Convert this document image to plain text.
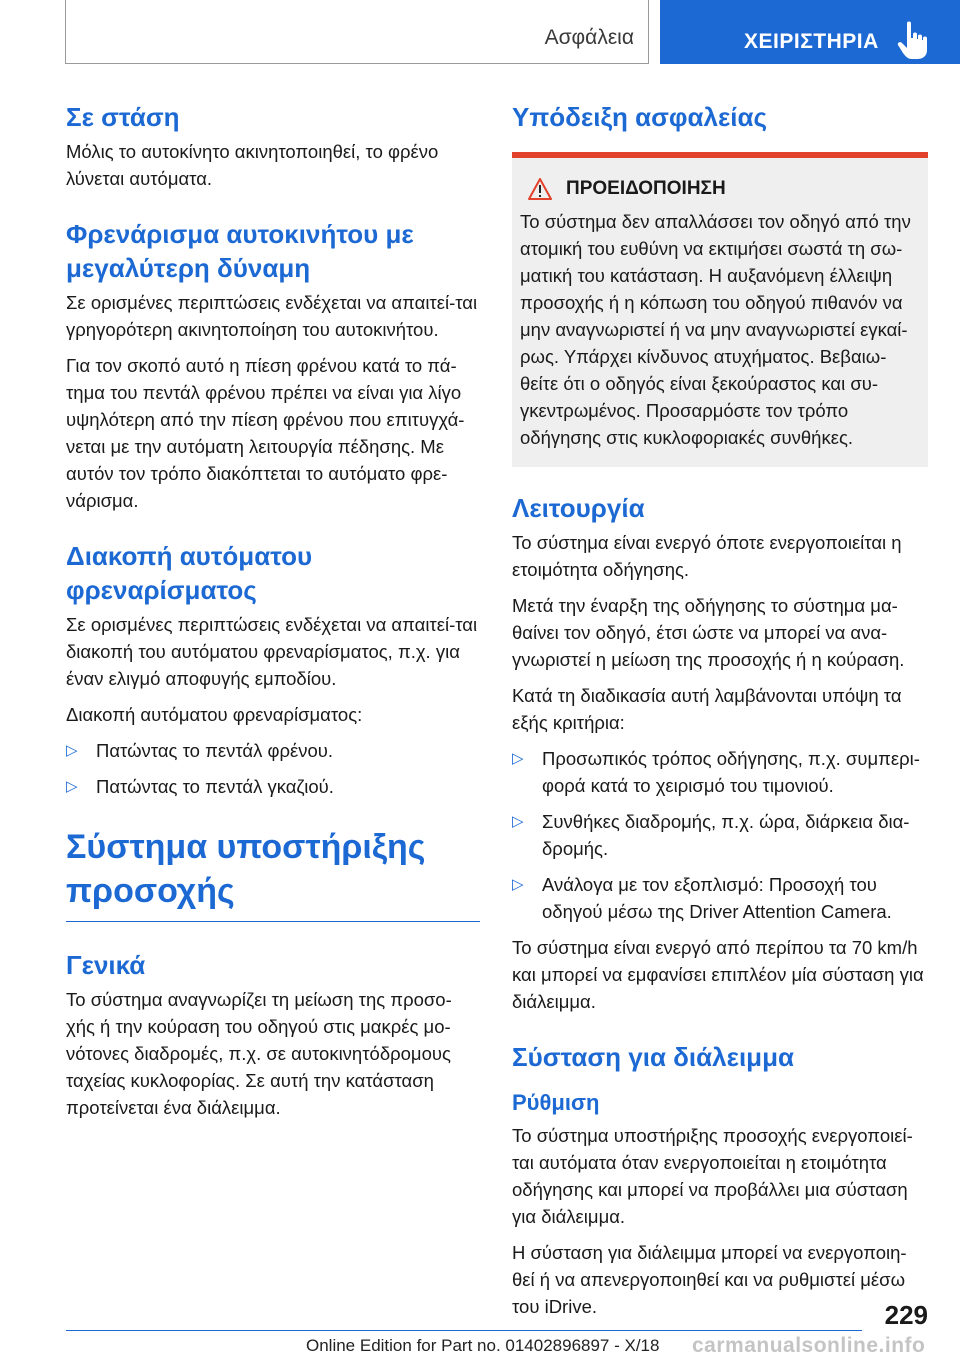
Ασφάλεια	ΧΕΙΡΙΣΤΗΡΙΑ
Σε στάση

Μόλις το αυτοκίνητο ακινητοποιηθεί, το φρένο λύνεται αυτόματα.

Φρενάρισμα αυτοκινήτου με μεγαλύτερη δύναμη

Σε ορισμένες περιπτώσεις ενδέχεται να απαιτεί-ται γρηγορότερη ακινητοποίηση του αυτοκινήτου.

Για τον σκοπό αυτό η πίεση φρένου κατά το πά-τημα του πεντάλ φρένου πρέπει να είναι για λίγο υψηλότερη από την πίεση φρένου που επιτυγχά-νεται με την αυτόματη λειτουργία πέδησης. Με αυτόν τον τρόπο διακόπτεται το αυτόματο φρε-νάρισμα.

Διακοπή αυτόματου φρεναρίσματος

Σε ορισμένες περιπτώσεις ενδέχεται να απαιτεί-ται διακοπή του αυτόματου φρεναρίσματος, π.χ. για έναν ελιγμό αποφυγής εμποδίου.

Διακοπή αυτόματου φρεναρίσματος:

▷ Πατώντας το πεντάλ φρένου.
▷ Πατώντας το πεντάλ γκαζιού.
Σύστημα υποστήριξης προσοχής
Γενικά

Το σύστημα αναγνωρίζει τη μείωση της προσο-χής ή την κούραση του οδηγού στις μακρές μο-νότονες διαδρομές, π.χ. σε αυτοκινητόδρομους ταχείας κυκλοφορίας. Σε αυτή την κατάσταση προτείνεται ένα διάλειμμα.

Υπόδειξη ασφαλείας
ΠΡΟΕΙΔΟΠΟΙΗΣΗ

Το σύστημα δεν απαλλάσσει τον οδηγό από την ατομική του ευθύνη να εκτιμήσει σωστά τη σω-ματική του κατάσταση. Η αυξανόμενη έλλειψη προσοχής ή η κόπωση του οδηγού πιθανόν να μην αναγνωριστεί ή να μην αναγνωριστεί εγκαί-ρως. Υπάρχει κίνδυνος ατυχήματος. Βεβαιω-θείτε ότι ο οδηγός είναι ξεκούραστος και συ-γκεντρωμένος. Προσαρμόστε τον τρόπο οδήγησης στις κυκλοφοριακές συνθήκες.

Λειτουργία

Το σύστημα είναι ενεργό όποτε ενεργοποιείται η ετοιμότητα οδήγησης.

Μετά την έναρξη της οδήγησης το σύστημα μα-θαίνει τον οδηγό, έτσι ώστε να μπορεί να ανα-γνωριστεί η μείωση της προσοχής ή η κούραση.

Κατά τη διαδικασία αυτή λαμβάνονται υπόψη τα εξής κριτήρια:

▷ Προσωπικός τρόπος οδήγησης, π.χ. συμπερι-φορά κατά το χειρισμό του τιμονιού.
▷ Συνθήκες διαδρομής, π.χ. ώρα, διάρκεια δια-δρομής.
▷ Ανάλογα με τον εξοπλισμό: Προσοχή του οδηγού μέσω της Driver Attention Camera.

Το σύστημα είναι ενεργό από περίπου τα 70 km/h και μπορεί να εμφανίσει επιπλέον μία σύσταση για διάλειμμα.

Σύσταση για διάλειμμα
Ρύθμιση

Το σύστημα υποστήριξης προσοχής ενεργοποιεί-ται αυτόματα όταν ενεργοποιείται η ετοιμότητα οδήγησης και μπορεί να προβάλλει μια σύσταση για διάλειμμα.

Η σύσταση για διάλειμμα μπορεί να ενεργοποιη-θεί ή να απενεργοποιηθεί και να ρυθμιστεί μέσω του iDrive.	229
Online Edition for Part no. 01402896897 - X/18 carmanualsonline.info
